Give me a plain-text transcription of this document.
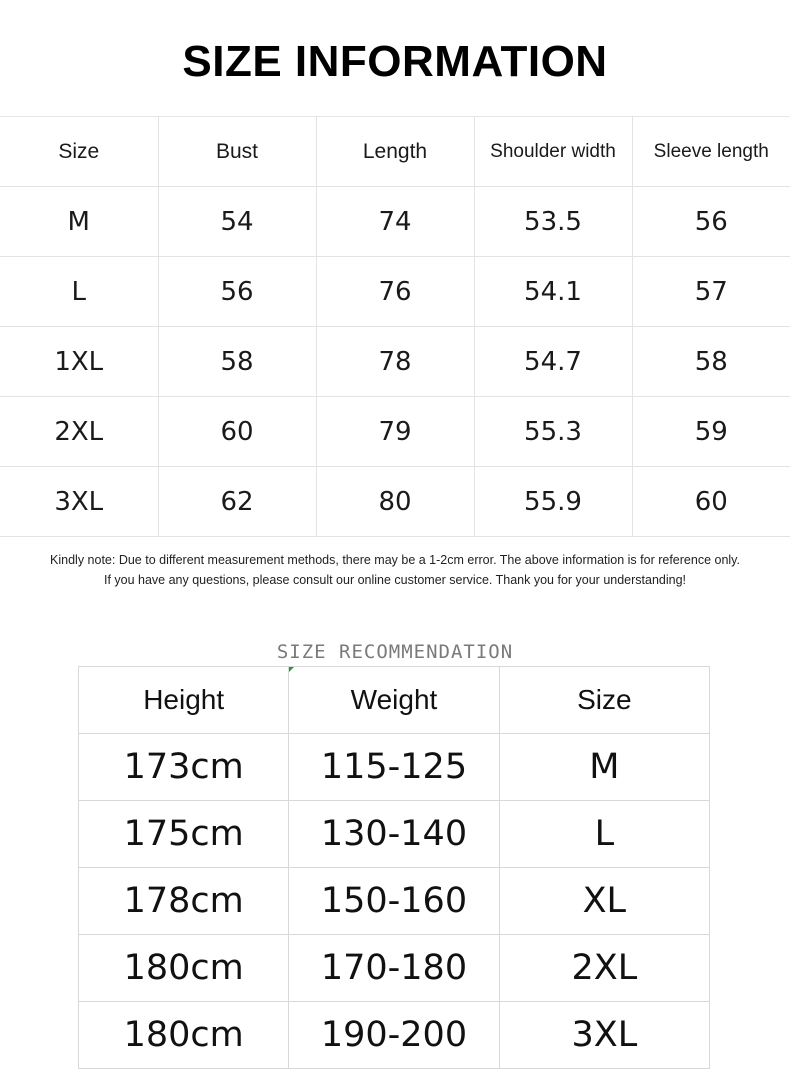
SIZE INFORMATION
Size	Bust	Length	Shoulder width	Sleeve length
M	54	74	53.5	56
L	56	76	54.1	57
1XL	58	78	54.7	58
2XL	60	79	55.3	59
3XL	62	80	55.9	60
Kindly note: Due to different measurement methods, there may be a 1-2cm error. The above information is for reference only.
If you have any questions, please consult our online customer service. Thank you for your understanding!
SIZE RECOMMENDATION
Height	Weight	Size
173cm	115-125	M
175cm	130-140	L
178cm	150-160	XL
180cm	170-180	2XL
180cm	190-200	3XL
